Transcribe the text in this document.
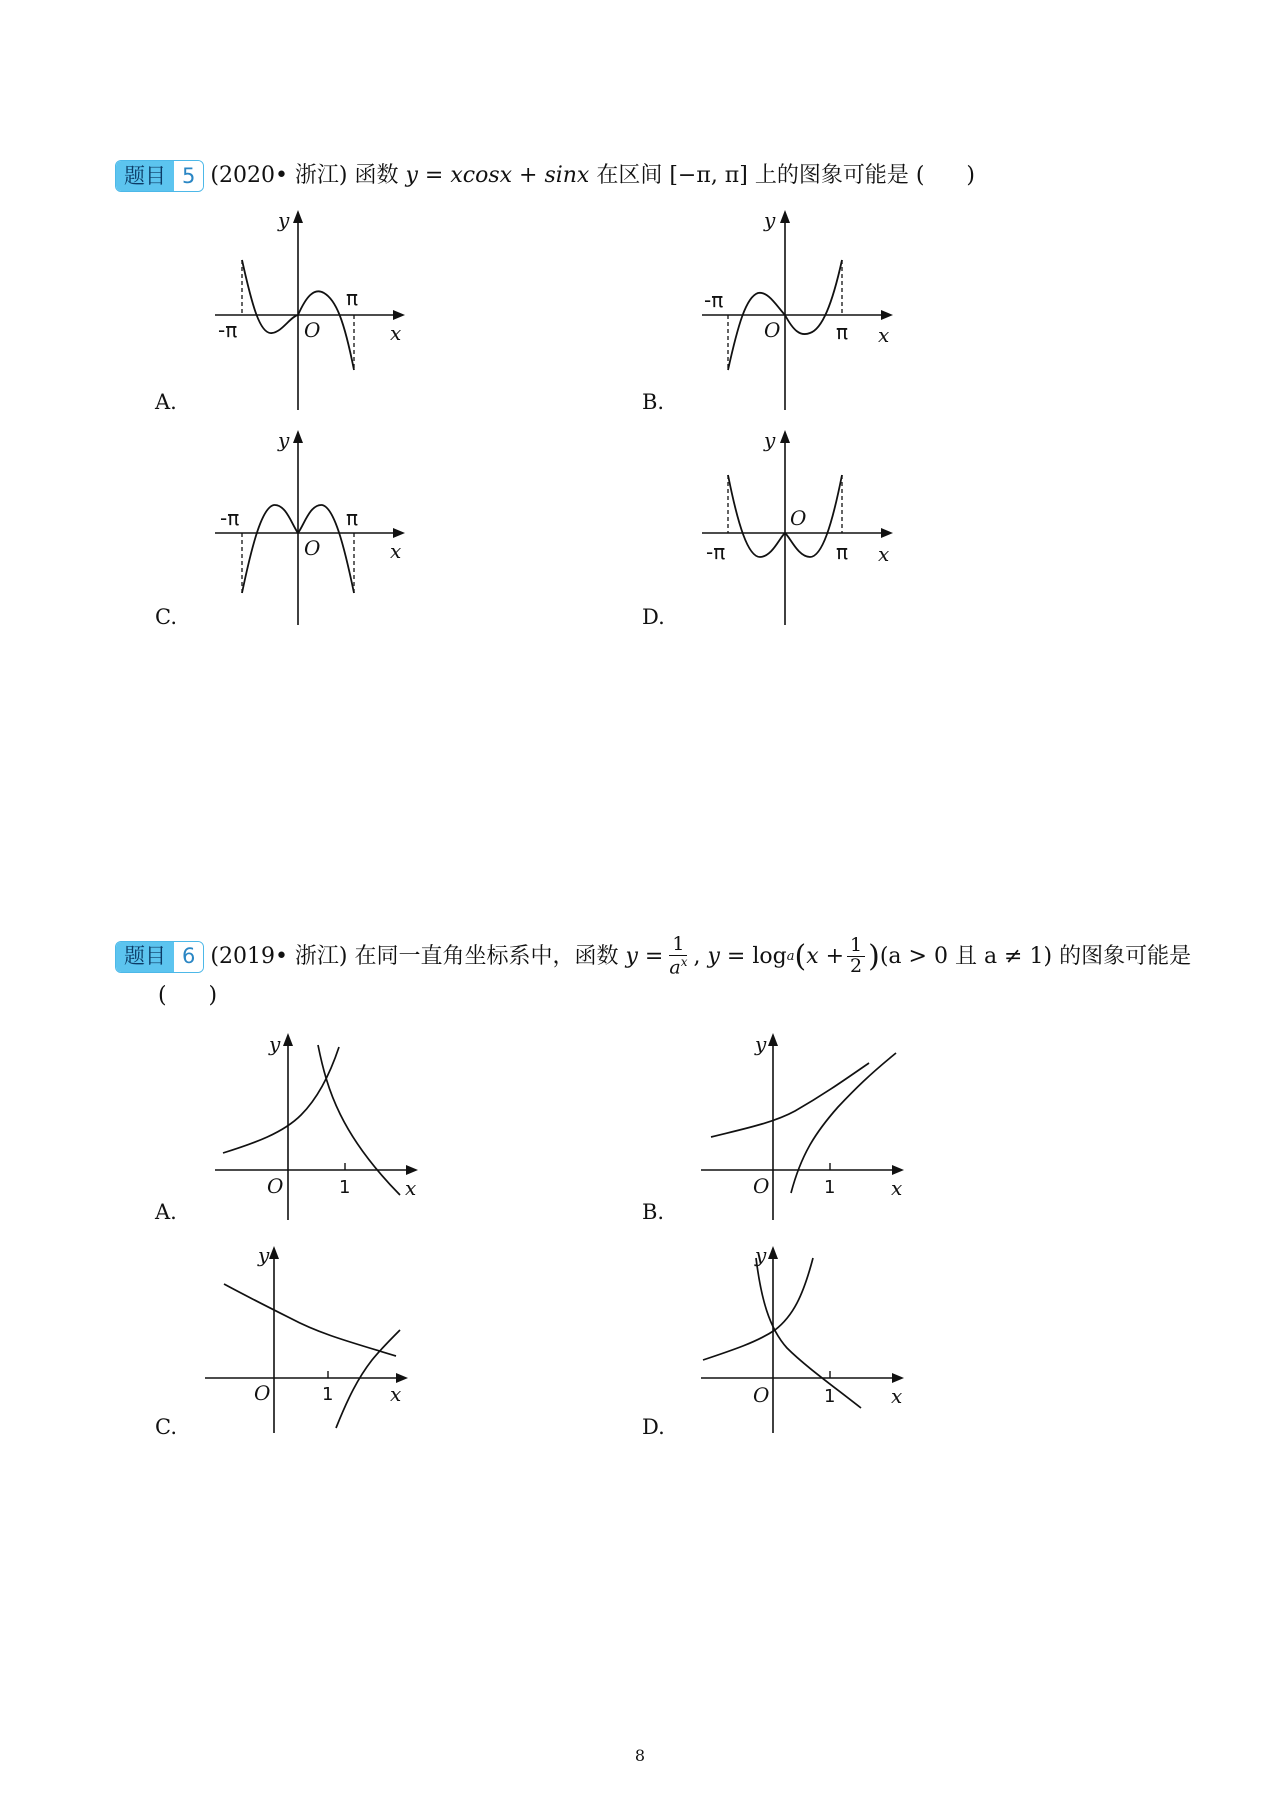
题目 5 (2020• 浙江) 函数 y = xcosx + sinx 在区间 [−π, π] 上的图象可能是 (      )
y
x
O
-π
π
A.
y
x
O
-π
π
B.
y
x
O
-π	π
C.
y
x
O
-π	π
D.
题目 6 (2019• 浙江) 在同一直角坐标系中，函数 $y = \frac{1}{a^x}$ , y = log a ( $x + \frac{1}{2}$ ) (a > 0 且 a ≠ 1) 的图象可能是
(      )
y
x
O	1
A.
y
x
O	1
B.
y
x
O	1
C.
y
x
O	1
D.
8
